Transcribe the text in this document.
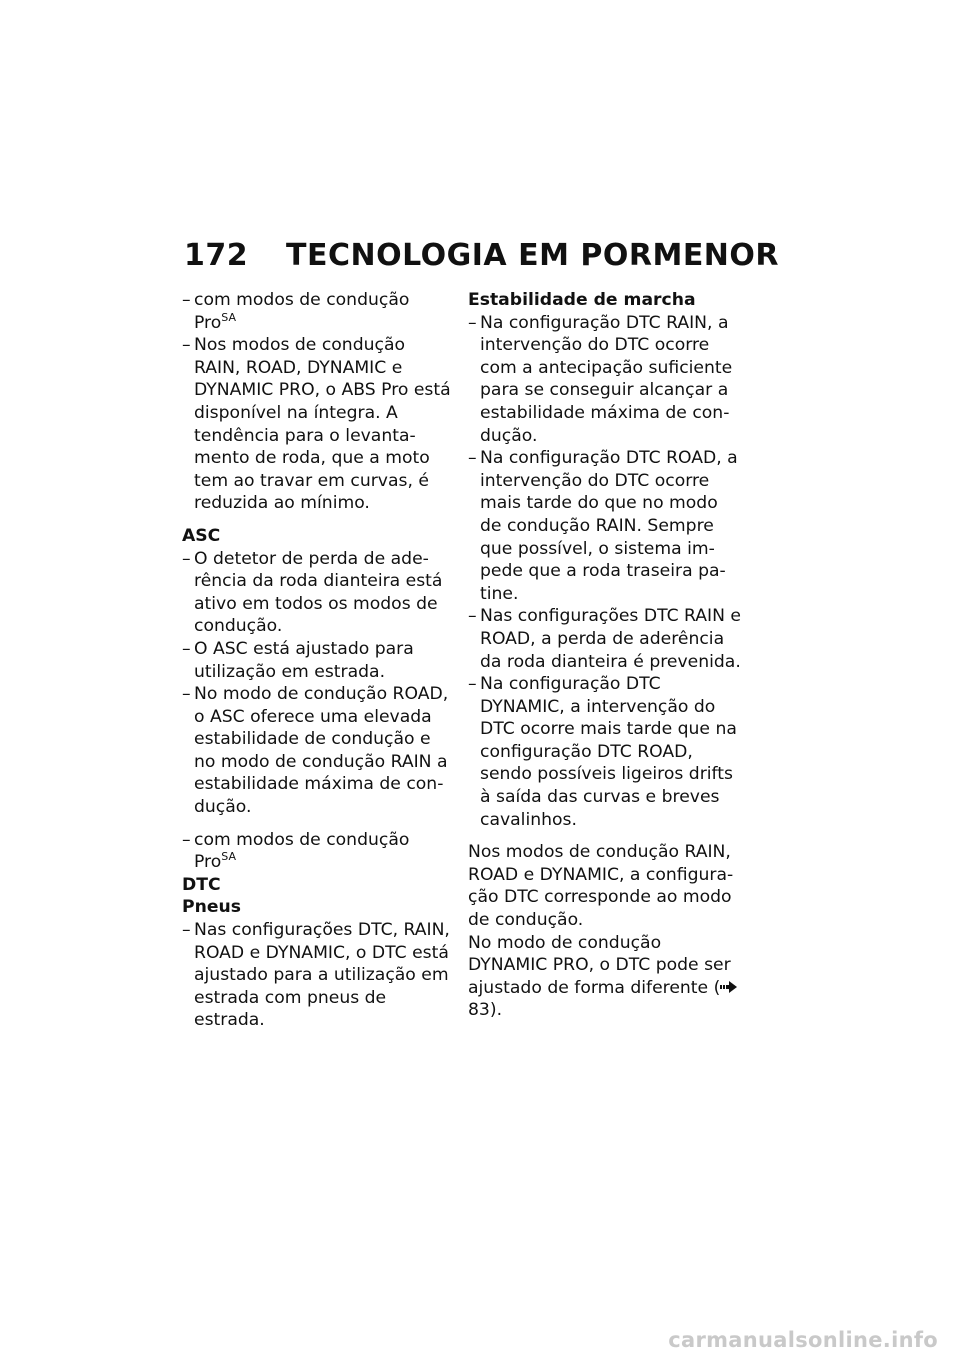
172 TECNOLOGIA EM PORMENOR
– com modos de condução Pro$^{SA}$
– Nos modos de condução RAIN, ROAD, DYNAMIC e DYNAMIC PRO, o ABS Pro está disponível na íntegra. A tendência para o levantamento de roda, que a moto tem ao travar em curvas, é reduzida ao mínimo.
ASC
– O detetor de perda de aderência da roda dianteira está ativo em todos os modos de condução.
– O ASC está ajustado para utilização em estrada.
– No modo de condução ROAD, o ASC oferece uma elevada estabilidade de condução e no modo de condução RAIN a estabilidade máxima de condução.
– com modos de condução Pro$^{SA}$
DTC
Pneus
– Nas configurações DTC, RAIN, ROAD e DYNAMIC, o DTC está ajustado para a utilização em estrada com pneus de estrada.
Estabilidade de marcha
– Na configuração DTC RAIN, a intervenção do DTC ocorre com a antecipação suficiente para se conseguir alcançar a estabilidade máxima de condução.
– Na configuração DTC ROAD, a intervenção do DTC ocorre mais tarde do que no modo de condução RAIN. Sempre que possível, o sistema impede que a roda traseira patine.
– Nas configurações DTC RAIN e ROAD, a perda de aderência da roda dianteira é prevenida.
– Na configuração DTC DYNAMIC, a intervenção do DTC ocorre mais tarde que na configuração DTC ROAD, sendo possíveis ligeiros drifts à saída das curvas e breves cavalinhos.

Nos modos de condução RAIN, ROAD e DYNAMIC, a configuração DTC corresponde ao modo de condução.

No modo de condução DYNAMIC PRO, o DTC pode ser ajustado de forma diferente ( 83).

carmanualsonline.info
